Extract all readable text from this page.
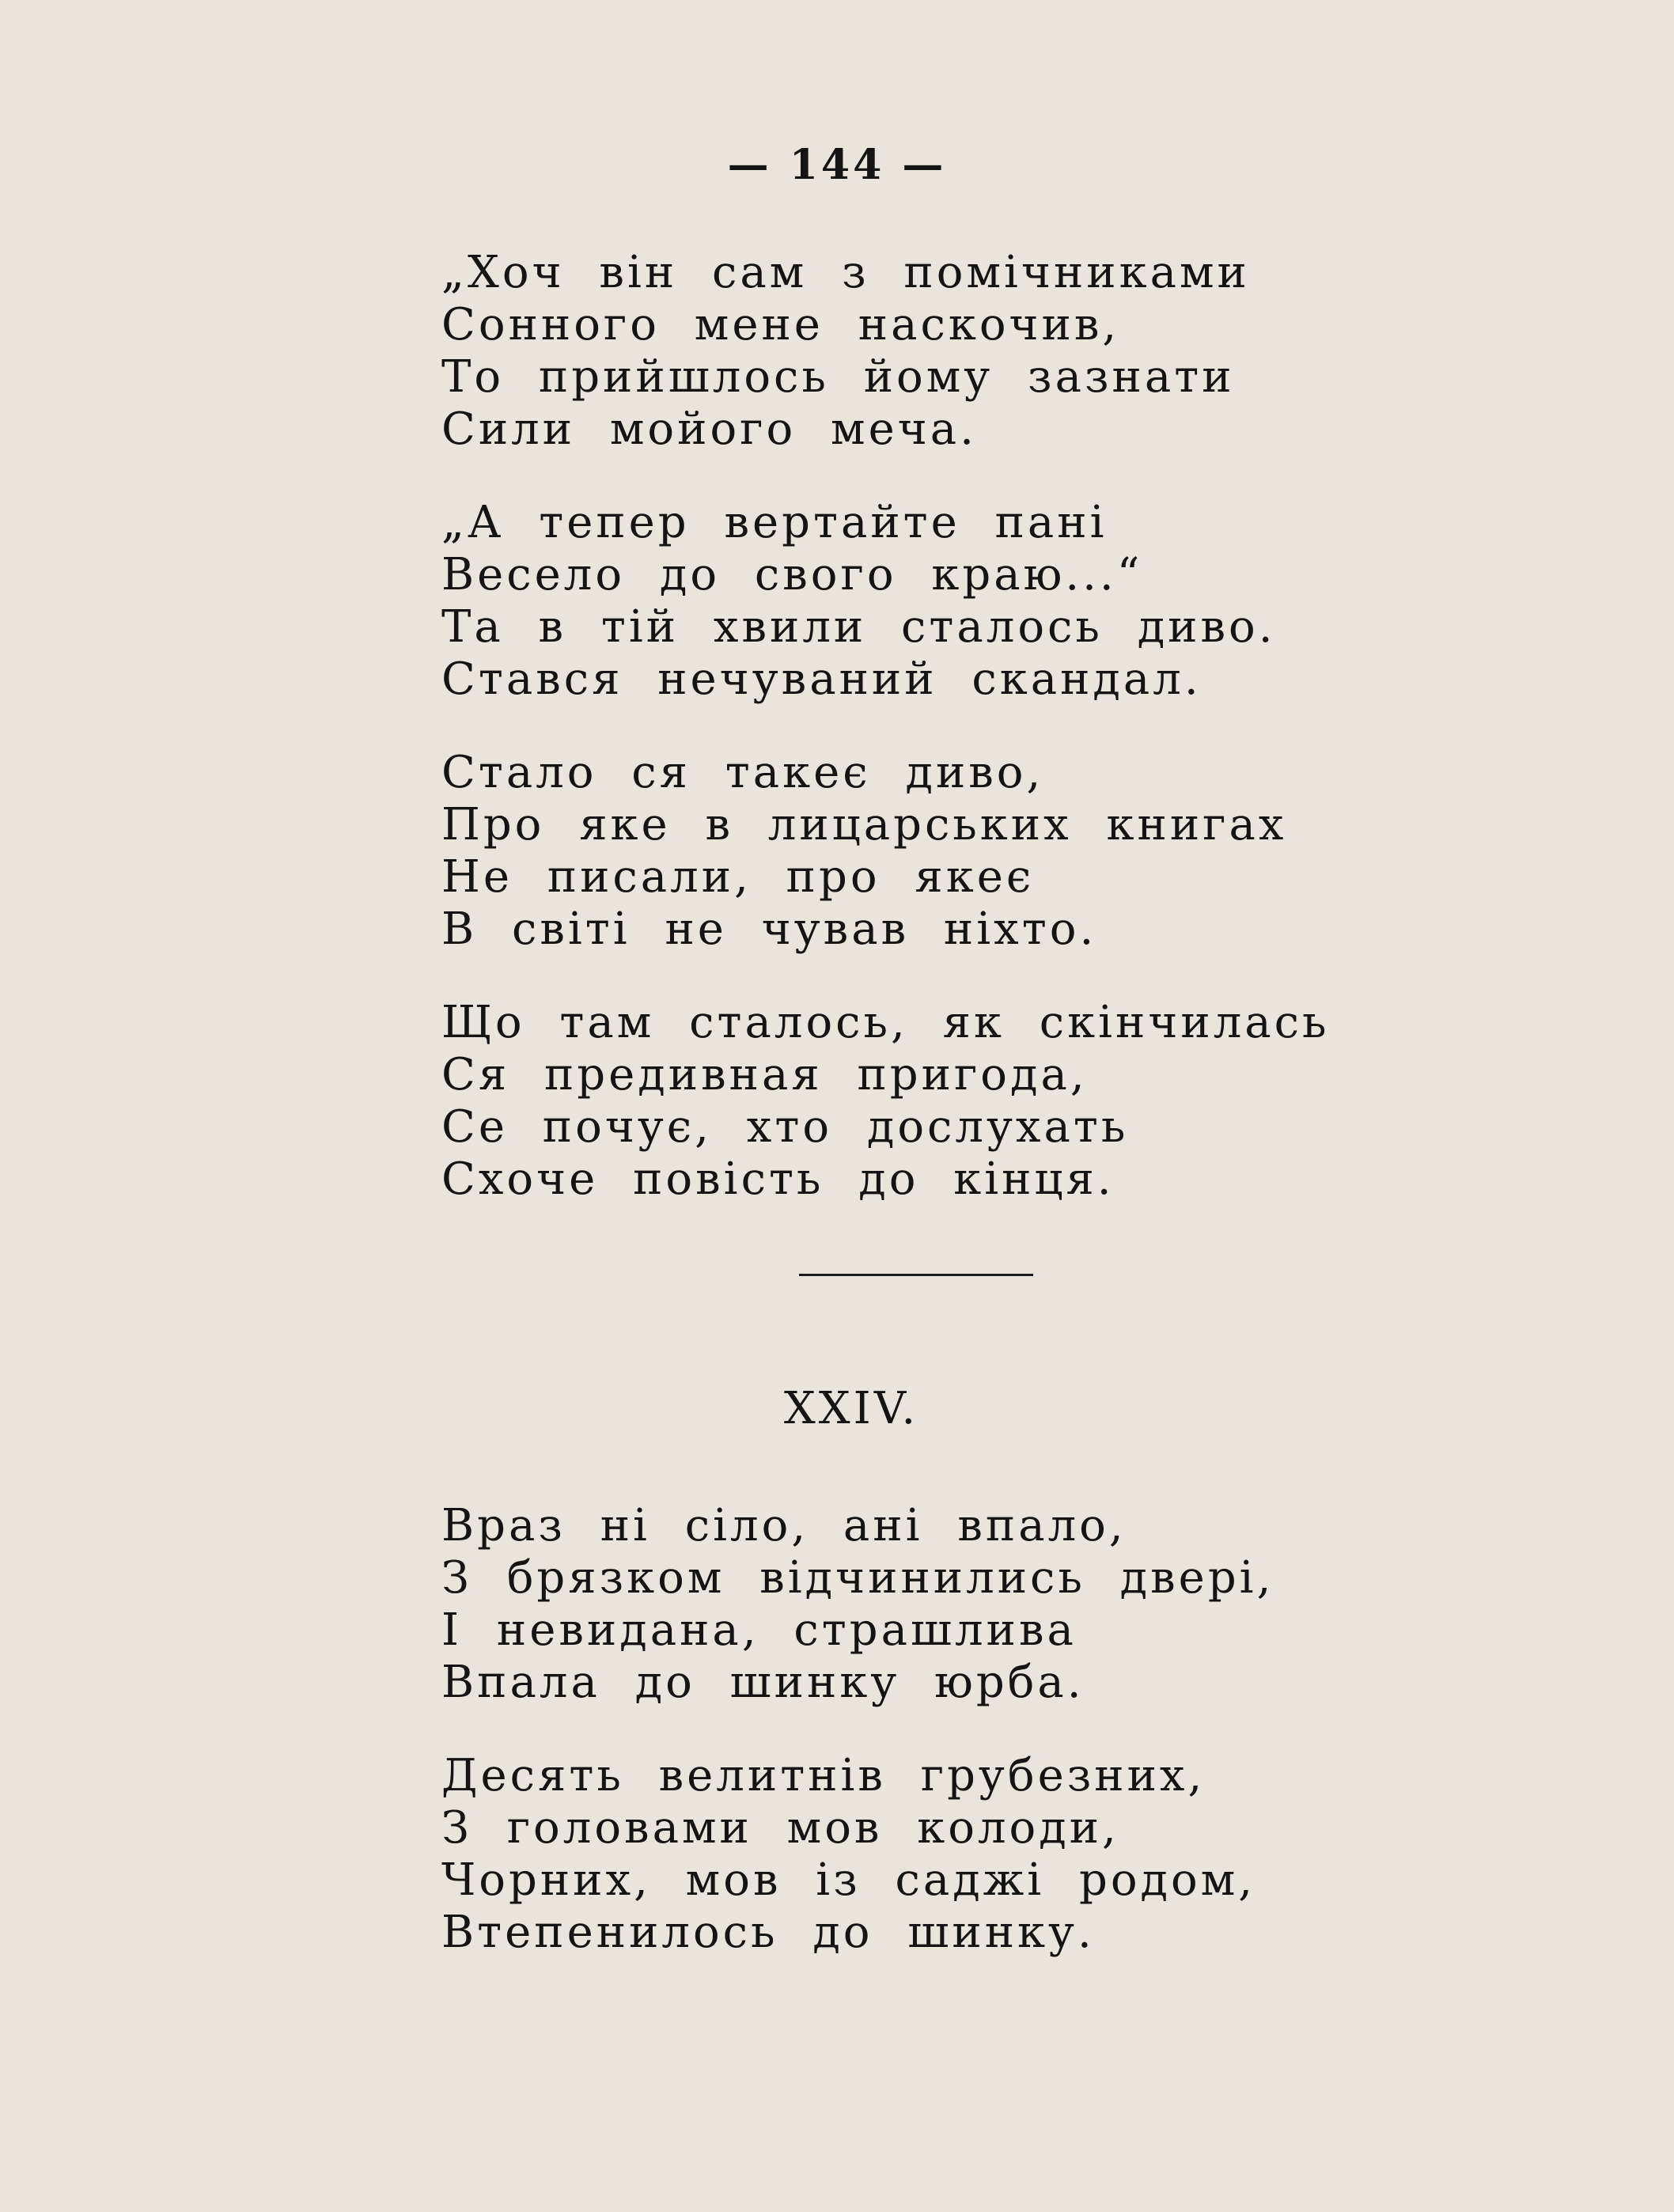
— 144 —
„Хоч він сам з помічниками
Сонного мене наскочив,
То прийшлось йому зазнати
Сили мойого меча.
„А тепер вертайте пані
Весело до свого краю...“
Та в тій хвили сталось диво.
Стався нечуваний скандал.
Стало ся такеє диво,
Про яке в лицарських книгах
Не писали, про якеє
В світі не чував ніхто.
Що там сталось, як скінчилась
Ся предивная пригода,
Се почує, хто дослухать
Схоче повість до кінця.
XXIV.
Враз ні сіло, ані впало,
З брязком відчинились двері,
І невидана, страшлива
Впала до шинку юрба.
Десять велитнів грубезних,
З головами мов колоди,
Чорних, мов із саджі родом,
Втепенилось до шинку.
